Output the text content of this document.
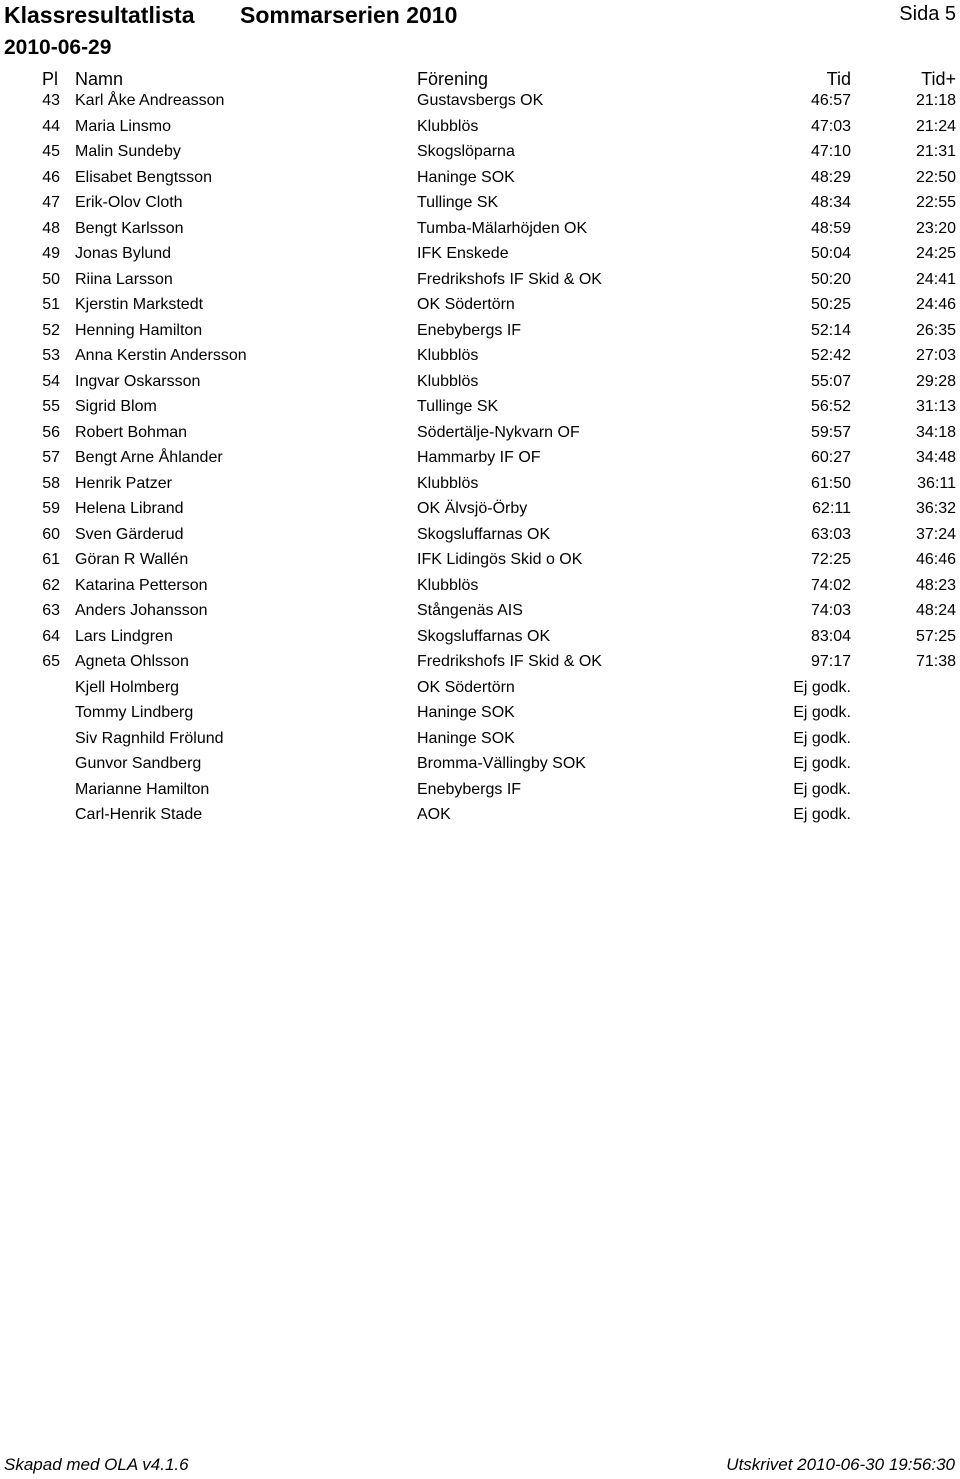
Klassresultatlista Sommarserien 2010	Sida 5
2010-06-29
Pl Namn	Förening	Tid	Tid+
43 Karl Åke Andreasson	Gustavsbergs OK	46:57	21:18
44 Maria Linsmo	Klubblös	47:03	21:24
45 Malin Sundeby	Skogslöparna	47:10	21:31
46 Elisabet Bengtsson	Haninge SOK	48:29	22:50
47 Erik-Olov Cloth	Tullinge SK	48:34	22:55
48 Bengt Karlsson	Tumba-Mälarhöjden OK	48:59	23:20
49 Jonas Bylund	IFK Enskede	50:04	24:25
50 Riina Larsson	Fredrikshofs IF Skid & OK	50:20	24:41
51 Kjerstin Markstedt	OK Södertörn	50:25	24:46
52 Henning Hamilton	Enebybergs IF	52:14	26:35
53 Anna Kerstin Andersson	Klubblös	52:42	27:03
54 Ingvar Oskarsson	Klubblös	55:07	29:28
55 Sigrid Blom	Tullinge SK	56:52	31:13
56 Robert Bohman	Södertälje-Nykvarn OF	59:57	34:18
57 Bengt Arne Åhlander	Hammarby IF OF	60:27	34:48
58 Henrik Patzer	Klubblös	61:50	36:11
59 Helena Librand	OK Älvsjö-Örby	62:11	36:32
60 Sven Gärderud	Skogsluffarnas OK	63:03	37:24
61 Göran R Wallén	IFK Lidingös Skid o OK	72:25	46:46
62 Katarina Petterson	Klubblös	74:02	48:23
63 Anders Johansson	Stångenäs AIS	74:03	48:24
64 Lars Lindgren	Skogsluffarnas OK	83:04	57:25
65 Agneta Ohlsson	Fredrikshofs IF Skid & OK	97:17	71:38
Kjell Holmberg	OK Södertörn	Ej godk.
Tommy Lindberg	Haninge SOK	Ej godk.
Siv Ragnhild Frölund	Haninge SOK	Ej godk.
Gunvor Sandberg	Bromma-Vällingby SOK	Ej godk.
Marianne Hamilton	Enebybergs IF	Ej godk.
Carl-Henrik Stade	AOK	Ej godk.
Skapad med OLA v4.1.6	Utskrivet 2010-06-30 19:56:30
